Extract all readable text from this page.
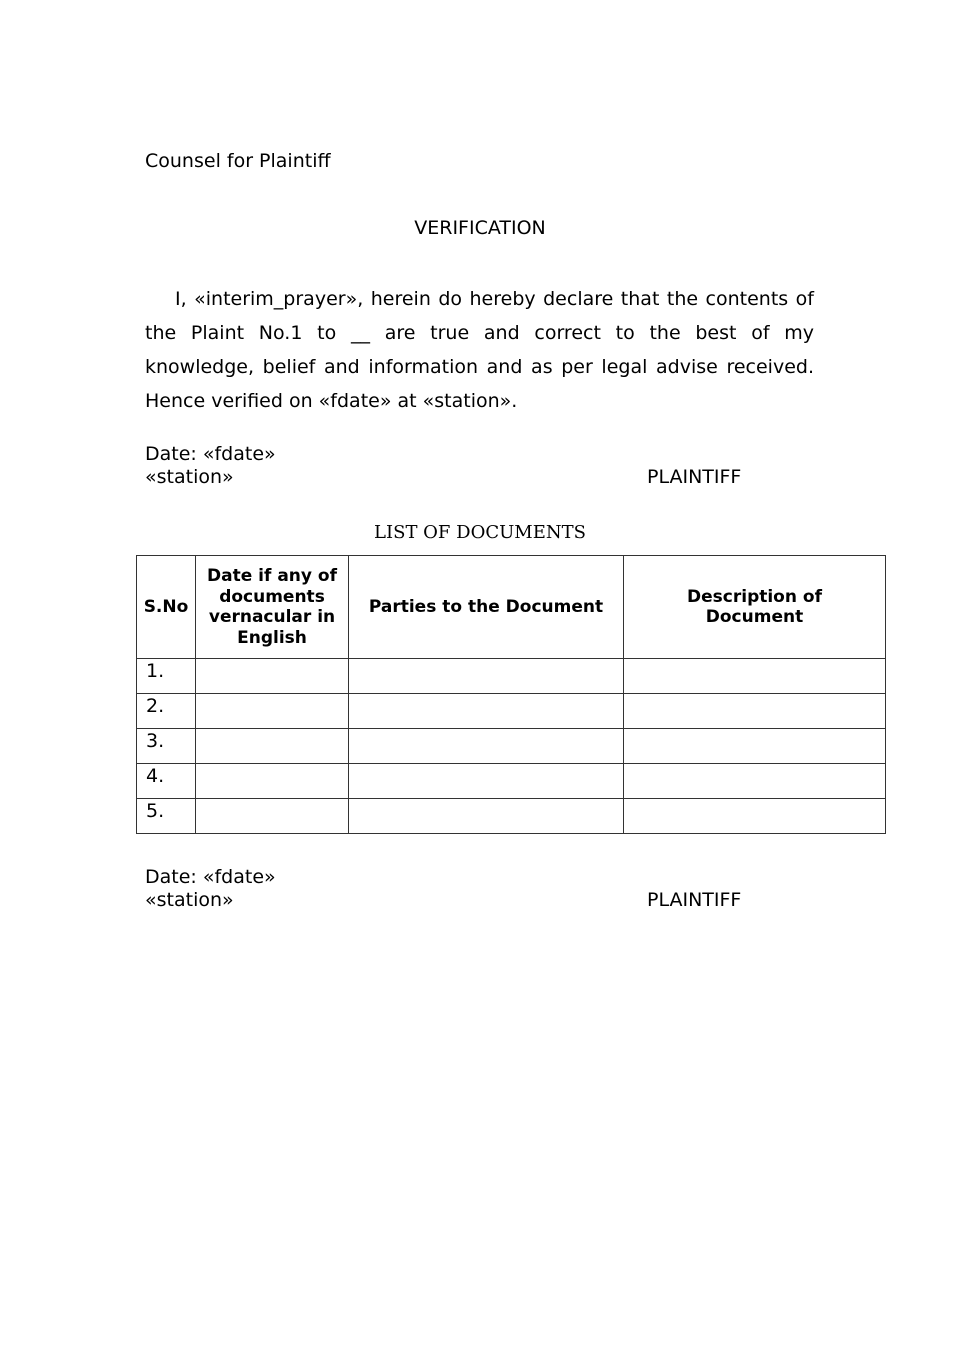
Counsel for Plaintiff
VERIFICATION

I, «interim_prayer», herein do hereby declare that the contents of the Plaint No.1 to __ are true and correct to the best of my knowledge, belief and information and as per legal advise received. Hence verified on «fdate» at «station».

Date: «fdate»
«station»	PLAINTIFF
LIST OF DOCUMENTS
S.No	Date if any of documents vernacular in English	Parties to the Document	Description of Document
1.			
2.			
3.			
4.			
5.			
Date: «fdate»
«station»	PLAINTIFF
